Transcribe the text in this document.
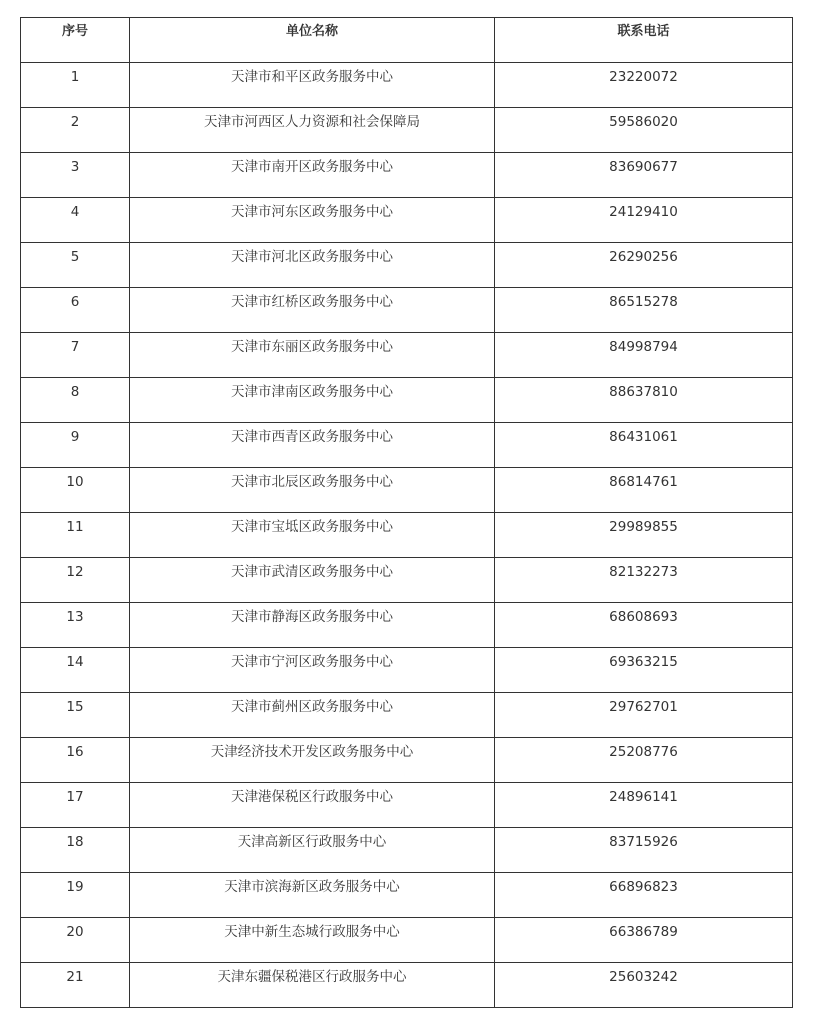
序号	单位名称	联系电话
1	天津市和平区政务服务中心	23220072
2	天津市河西区人力资源和社会保障局	59586020
3	天津市南开区政务服务中心	83690677
4	天津市河东区政务服务中心	24129410
5	天津市河北区政务服务中心	26290256
6	天津市红桥区政务服务中心	86515278
7	天津市东丽区政务服务中心	84998794
8	天津市津南区政务服务中心	88637810
9	天津市西青区政务服务中心	86431061
10	天津市北辰区政务服务中心	86814761
11	天津市宝坻区政务服务中心	29989855
12	天津市武清区政务服务中心	82132273
13	天津市静海区政务服务中心	68608693
14	天津市宁河区政务服务中心	69363215
15	天津市蓟州区政务服务中心	29762701
16	天津经济技术开发区政务服务中心	25208776
17	天津港保税区行政服务中心	24896141
18	天津高新区行政服务中心	83715926
19	天津市滨海新区政务服务中心	66896823
20	天津中新生态城行政服务中心	66386789
21	天津东疆保税港区行政服务中心	25603242
